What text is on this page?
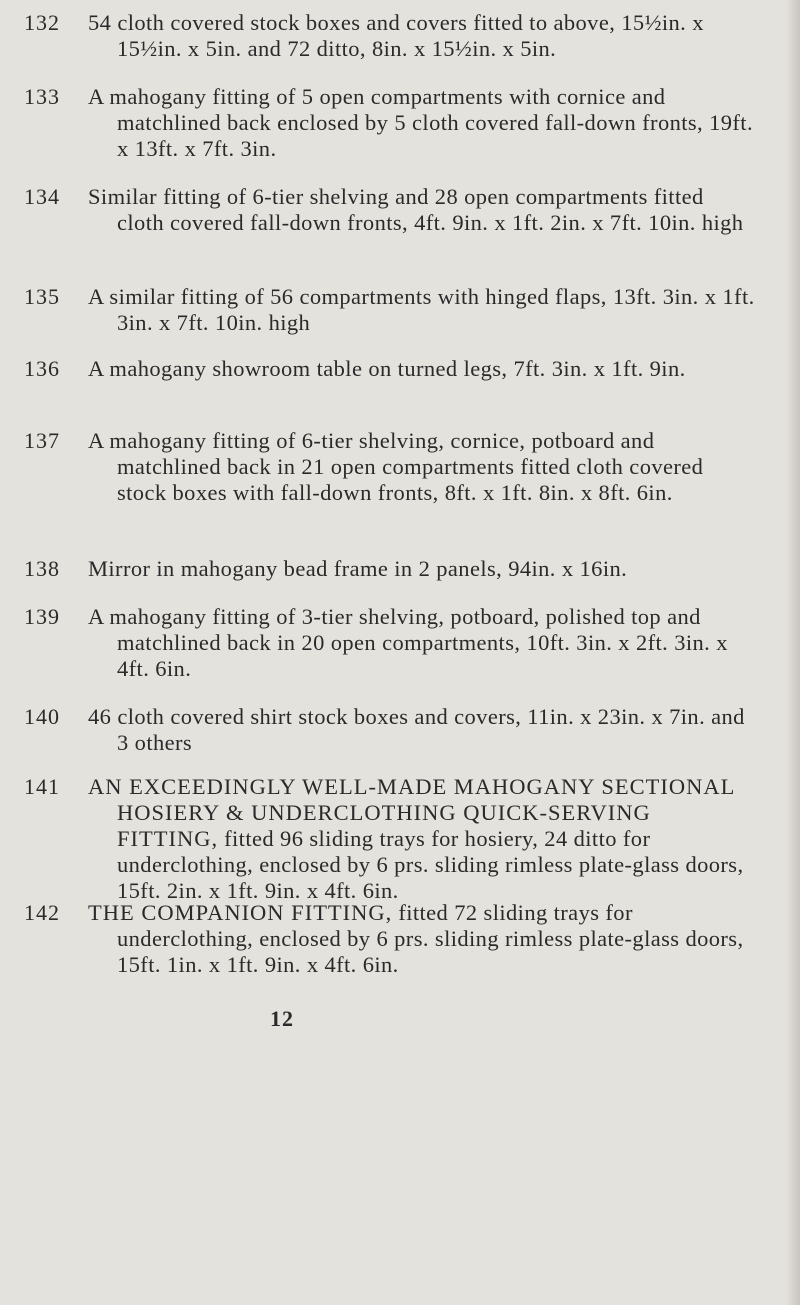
132 54 cloth covered stock boxes and covers fitted to above, 15½in. x 15½in. x 5in. and 72 ditto, 8in. x 15½in. x 5in.
133 A mahogany fitting of 5 open compartments with cornice and matchlined back enclosed by 5 cloth covered fall-down fronts, 19ft. x 13ft. x 7ft. 3in.
134 Similar fitting of 6-tier shelving and 28 open compartments fitted cloth covered fall-down fronts, 4ft. 9in. x 1ft. 2in. x 7ft. 10in. high
135 A similar fitting of 56 compartments with hinged flaps, 13ft. 3in. x 1ft. 3in. x 7ft. 10in. high
136 A mahogany showroom table on turned legs, 7ft. 3in. x 1ft. 9in.
137 A mahogany fitting of 6-tier shelving, cornice, potboard and matchlined back in 21 open compartments fitted cloth covered stock boxes with fall-down fronts, 8ft. x 1ft. 8in. x 8ft. 6in.
138 Mirror in mahogany bead frame in 2 panels, 94in. x 16in.
139 A mahogany fitting of 3-tier shelving, potboard, polished top and matchlined back in 20 open compartments, 10ft. 3in. x 2ft. 3in. x 4ft. 6in.
140 46 cloth covered shirt stock boxes and covers, 11in. x 23in. x 7in. and 3 others
141 AN EXCEEDINGLY WELL-MADE MAHOGANY SECTIONAL HOSIERY & UNDERCLOTHING QUICK-SERVING FITTING, fitted 96 sliding trays for hosiery, 24 ditto for underclothing, enclosed by 6 prs. sliding rimless plate-glass doors, 15ft. 2in. x 1ft. 9in. x 4ft. 6in.
142 THE COMPANION FITTING, fitted 72 sliding trays for underclothing, enclosed by 6 prs. sliding rimless plate-glass doors, 15ft. 1in. x 1ft. 9in. x 4ft. 6in.
12
